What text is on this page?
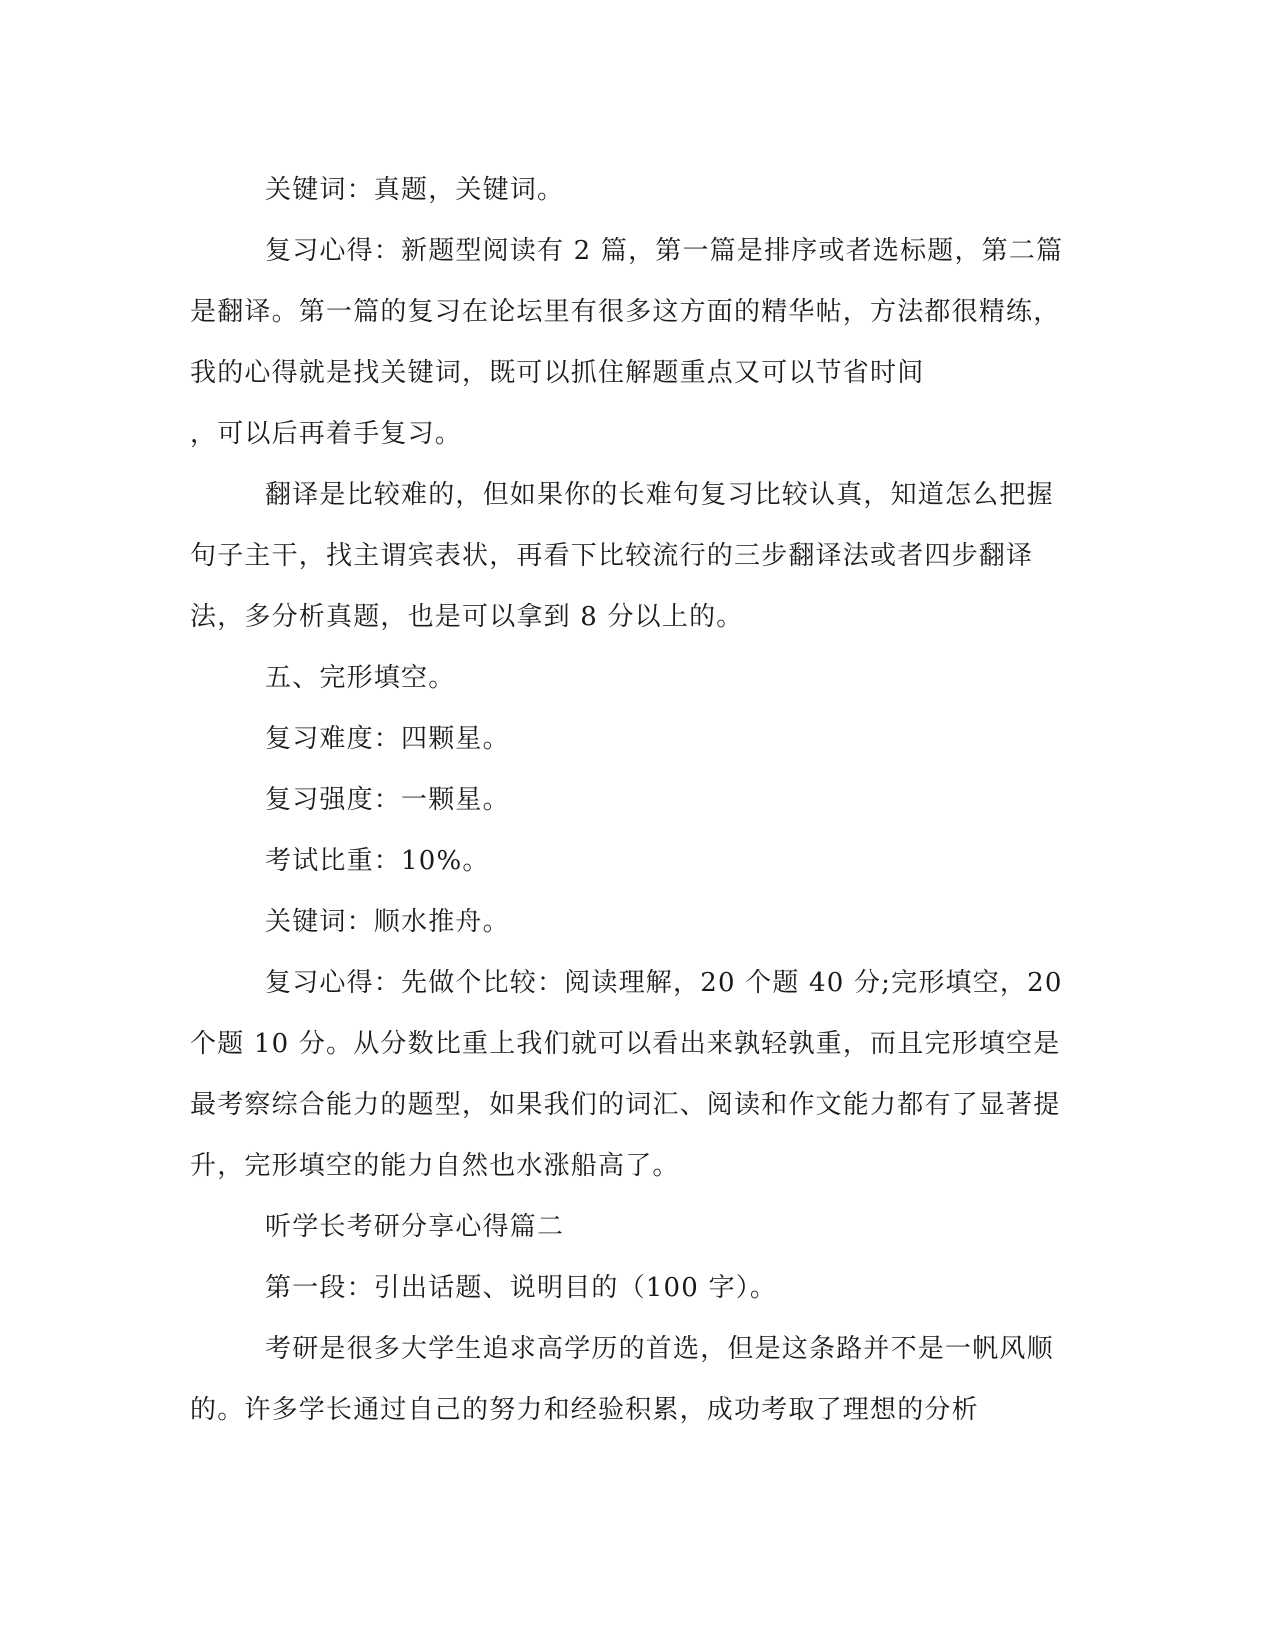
关键词：真题，关键词。

复习心得：新题型阅读有 2 篇，第一篇是排序或者选标题，第二篇是翻译。第一篇的复习在论坛里有很多这方面的精华帖，方法都很精练，我的心得就是找关键词，既可以抓住解题重点又可以节省时间

，可以后再着手复习。

翻译是比较难的，但如果你的长难句复习比较认真，知道怎么把握句子主干，找主谓宾表状，再看下比较流行的三步翻译法或者四步翻译法，多分析真题，也是可以拿到 8 分以上的。

五、完形填空。

复习难度：四颗星。

复习强度：一颗星。

考试比重：10%。

关键词：顺水推舟。

复习心得：先做个比较：阅读理解，20 个题 40 分;完形填空，20 个题 10 分。从分数比重上我们就可以看出来孰轻孰重，而且完形填空是最考察综合能力的题型，如果我们的词汇、阅读和作文能力都有了显著提升，完形填空的能力自然也水涨船高了。

听学长考研分享心得篇二

第一段：引出话题、说明目的（100 字）。

考研是很多大学生追求高学历的首选，但是这条路并不是一帆风顺的。许多学长通过自己的努力和经验积累，成功考取了理想的分析
